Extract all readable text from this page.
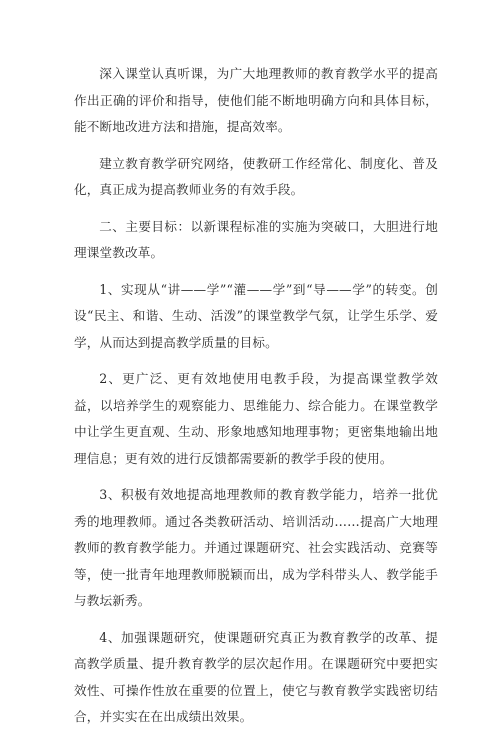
深入课堂认真听课，为广大地理教师的教育教学水平的提高作出正确的评价和指导，使他们能不断地明确方向和具体目标，能不断地改进方法和措施，提高效率。

建立教育教学研究网络，使教研工作经常化、制度化、普及化，真正成为提高教师业务的有效手段。

二、主要目标：以新课程标准的实施为突破口，大胆进行地理课堂教改革。

1、实现从“讲——学”“灌——学”到“导——学”的转变。创设“民主、和谐、生动、活泼”的课堂教学气氛，让学生乐学、爱学，从而达到提高教学质量的目标。

2、更广泛、更有效地使用电教手段，为提高课堂教学效益，以培养学生的观察能力、思维能力、综合能力。在课堂教学中让学生更直观、生动、形象地感知地理事物；更密集地输出地理信息；更有效的进行反馈都需要新的教学手段的使用。

3、积极有效地提高地理教师的教育教学能力，培养一批优秀的地理教师。通过各类教研活动、培训活动……提高广大地理教师的教育教学能力。并通过课题研究、社会实践活动、竞赛等等，使一批青年地理教师脱颖而出，成为学科带头人、教学能手与教坛新秀。

4、加强课题研究，使课题研究真正为教育教学的改革、提高教学质量、提升教育教学的层次起作用。在课题研究中要把实效性、可操作性放在重要的位置上，使它与教育教学实践密切结合，并实实在在出成绩出效果。
